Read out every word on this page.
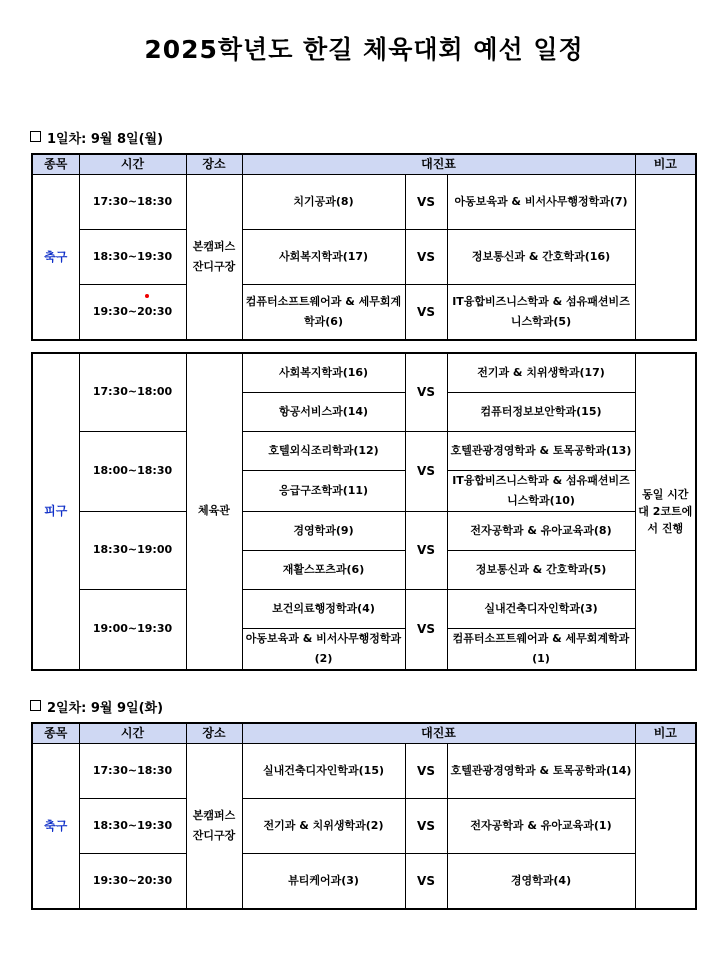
2025학년도 한길 체육대회 예선 일정
1일차: 9월 8일(월)
종목	시간	장소	대진표			비고
축구	17:30~18:30	본캠퍼스 잔디구장	치기공과(8)	VS	아동보육과 & 비서사무행정학과(7)	
	18:30~19:30		사회복지학과(17)	VS	정보통신과 & 간호학과(16)	
	19:30~20:30		컴퓨터소프트웨어과 & 세무회계학과(6)	VS	IT융합비즈니스학과 & 섬유패션비즈니스학과(5)	
피구	17:30~18:00	체육관	사회복지학과(16)	VS	전기과 & 치위생학과(17)	동일 시간대 2코트에서 진행
			항공서비스과(14)		컴퓨터정보보안학과(15)	
	18:00~18:30		호텔외식조리학과(12)	VS	호텔관광경영학과 & 토목공학과(13)	
			응급구조학과(11)		IT융합비즈니스학과 & 섬유패션비즈니스학과(10)	
	18:30~19:00		경영학과(9)	VS	전자공학과 & 유아교육과(8)	
			재활스포츠과(6)		정보통신과 & 간호학과(5)	
	19:00~19:30		보건의료행정학과(4)	VS	실내건축디자인학과(3)	
			아동보육과 & 비서사무행정학과(2)		컴퓨터소프트웨어과 & 세무회계학과(1)	
2일차: 9월 9일(화)
종목	시간	장소	대진표			비고
축구	17:30~18:30	본캠퍼스 잔디구장	실내건축디자인학과(15)	VS	호텔관광경영학과 & 토목공학과(14)	
	18:30~19:30		전기과 & 치위생학과(2)	VS	전자공학과 & 유아교육과(1)	
	19:30~20:30		뷰티케어과(3)	VS	경영학과(4)	
